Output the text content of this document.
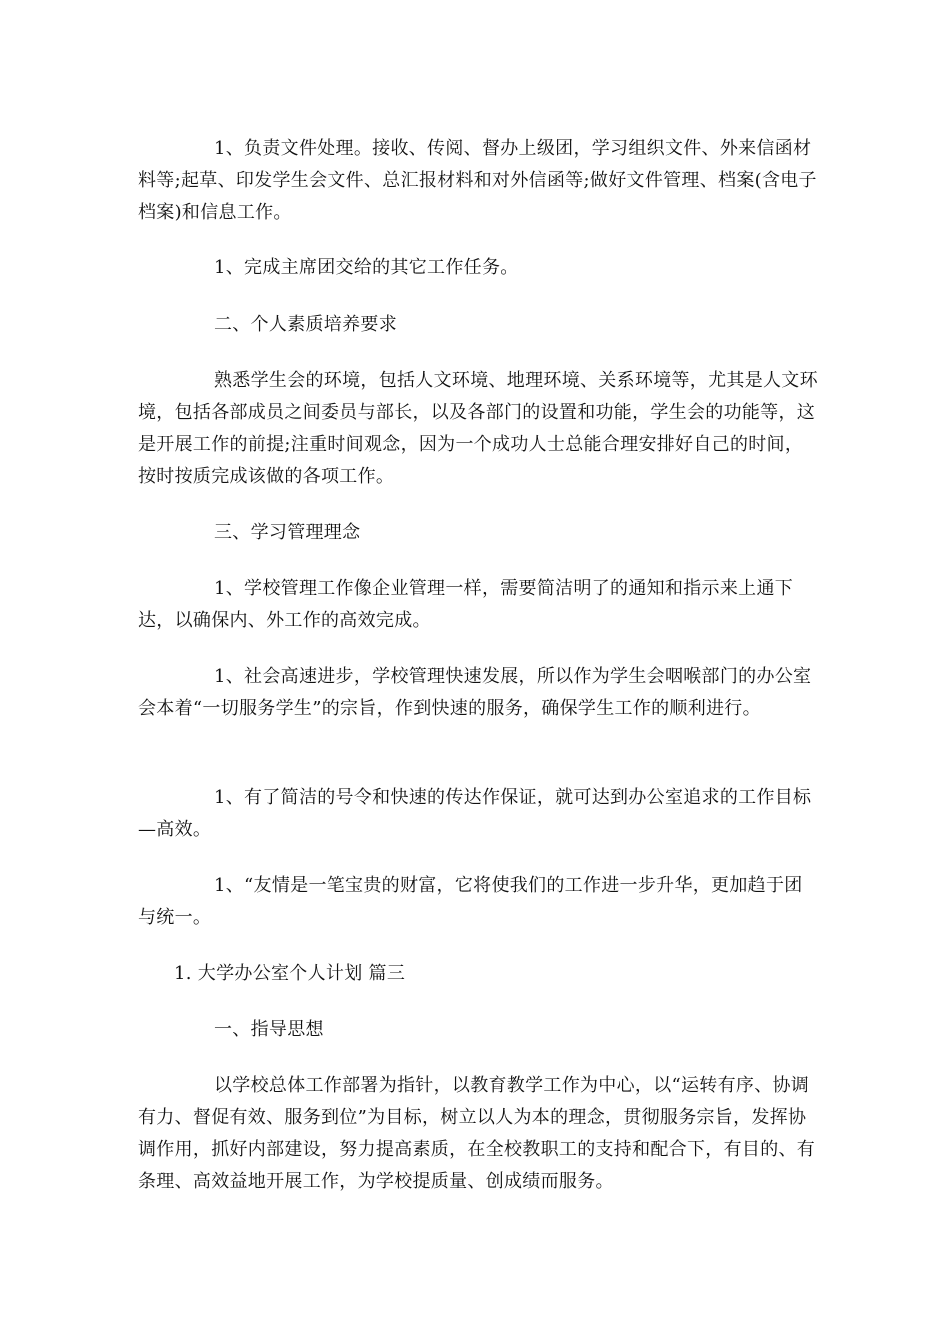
1、负责文件处理。接收、传阅、督办上级团，学习组织文件、外来信函材料等;起草、印发学生会文件、总汇报材料和对外信函等;做好文件管理、档案(含电子档案)和信息工作。

1、完成主席团交给的其它工作任务。

二、个人素质培养要求

熟悉学生会的环境，包括人文环境、地理环境、关系环境等，尤其是人文环境，包括各部成员之间委员与部长，以及各部门的设置和功能，学生会的功能等，这是开展工作的前提;注重时间观念，因为一个成功人士总能合理安排好自己的时间，按时按质完成该做的各项工作。

三、学习管理理念

1、学校管理工作像企业管理一样，需要简洁明了的通知和指示来上通下达，以确保内、外工作的高效完成。

1、社会高速进步，学校管理快速发展，所以作为学生会咽喉部门的办公室会本着“一切服务学生”的宗旨，作到快速的服务，确保学生工作的顺利进行。

1、有了简洁的号令和快速的传达作保证，就可达到办公室追求的工作目标—高效。

1、“友情是一笔宝贵的财富，它将使我们的工作进一步升华，更加趋于团与统一。

1. 大学办公室个人计划 篇三

一、指导思想

以学校总体工作部署为指针，以教育教学工作为中心，以“运转有序、协调有力、督促有效、服务到位”为目标，树立以人为本的理念，贯彻服务宗旨，发挥协调作用，抓好内部建设，努力提高素质，在全校教职工的支持和配合下，有目的、有条理、高效益地开展工作，为学校提质量、创成绩而服务。
